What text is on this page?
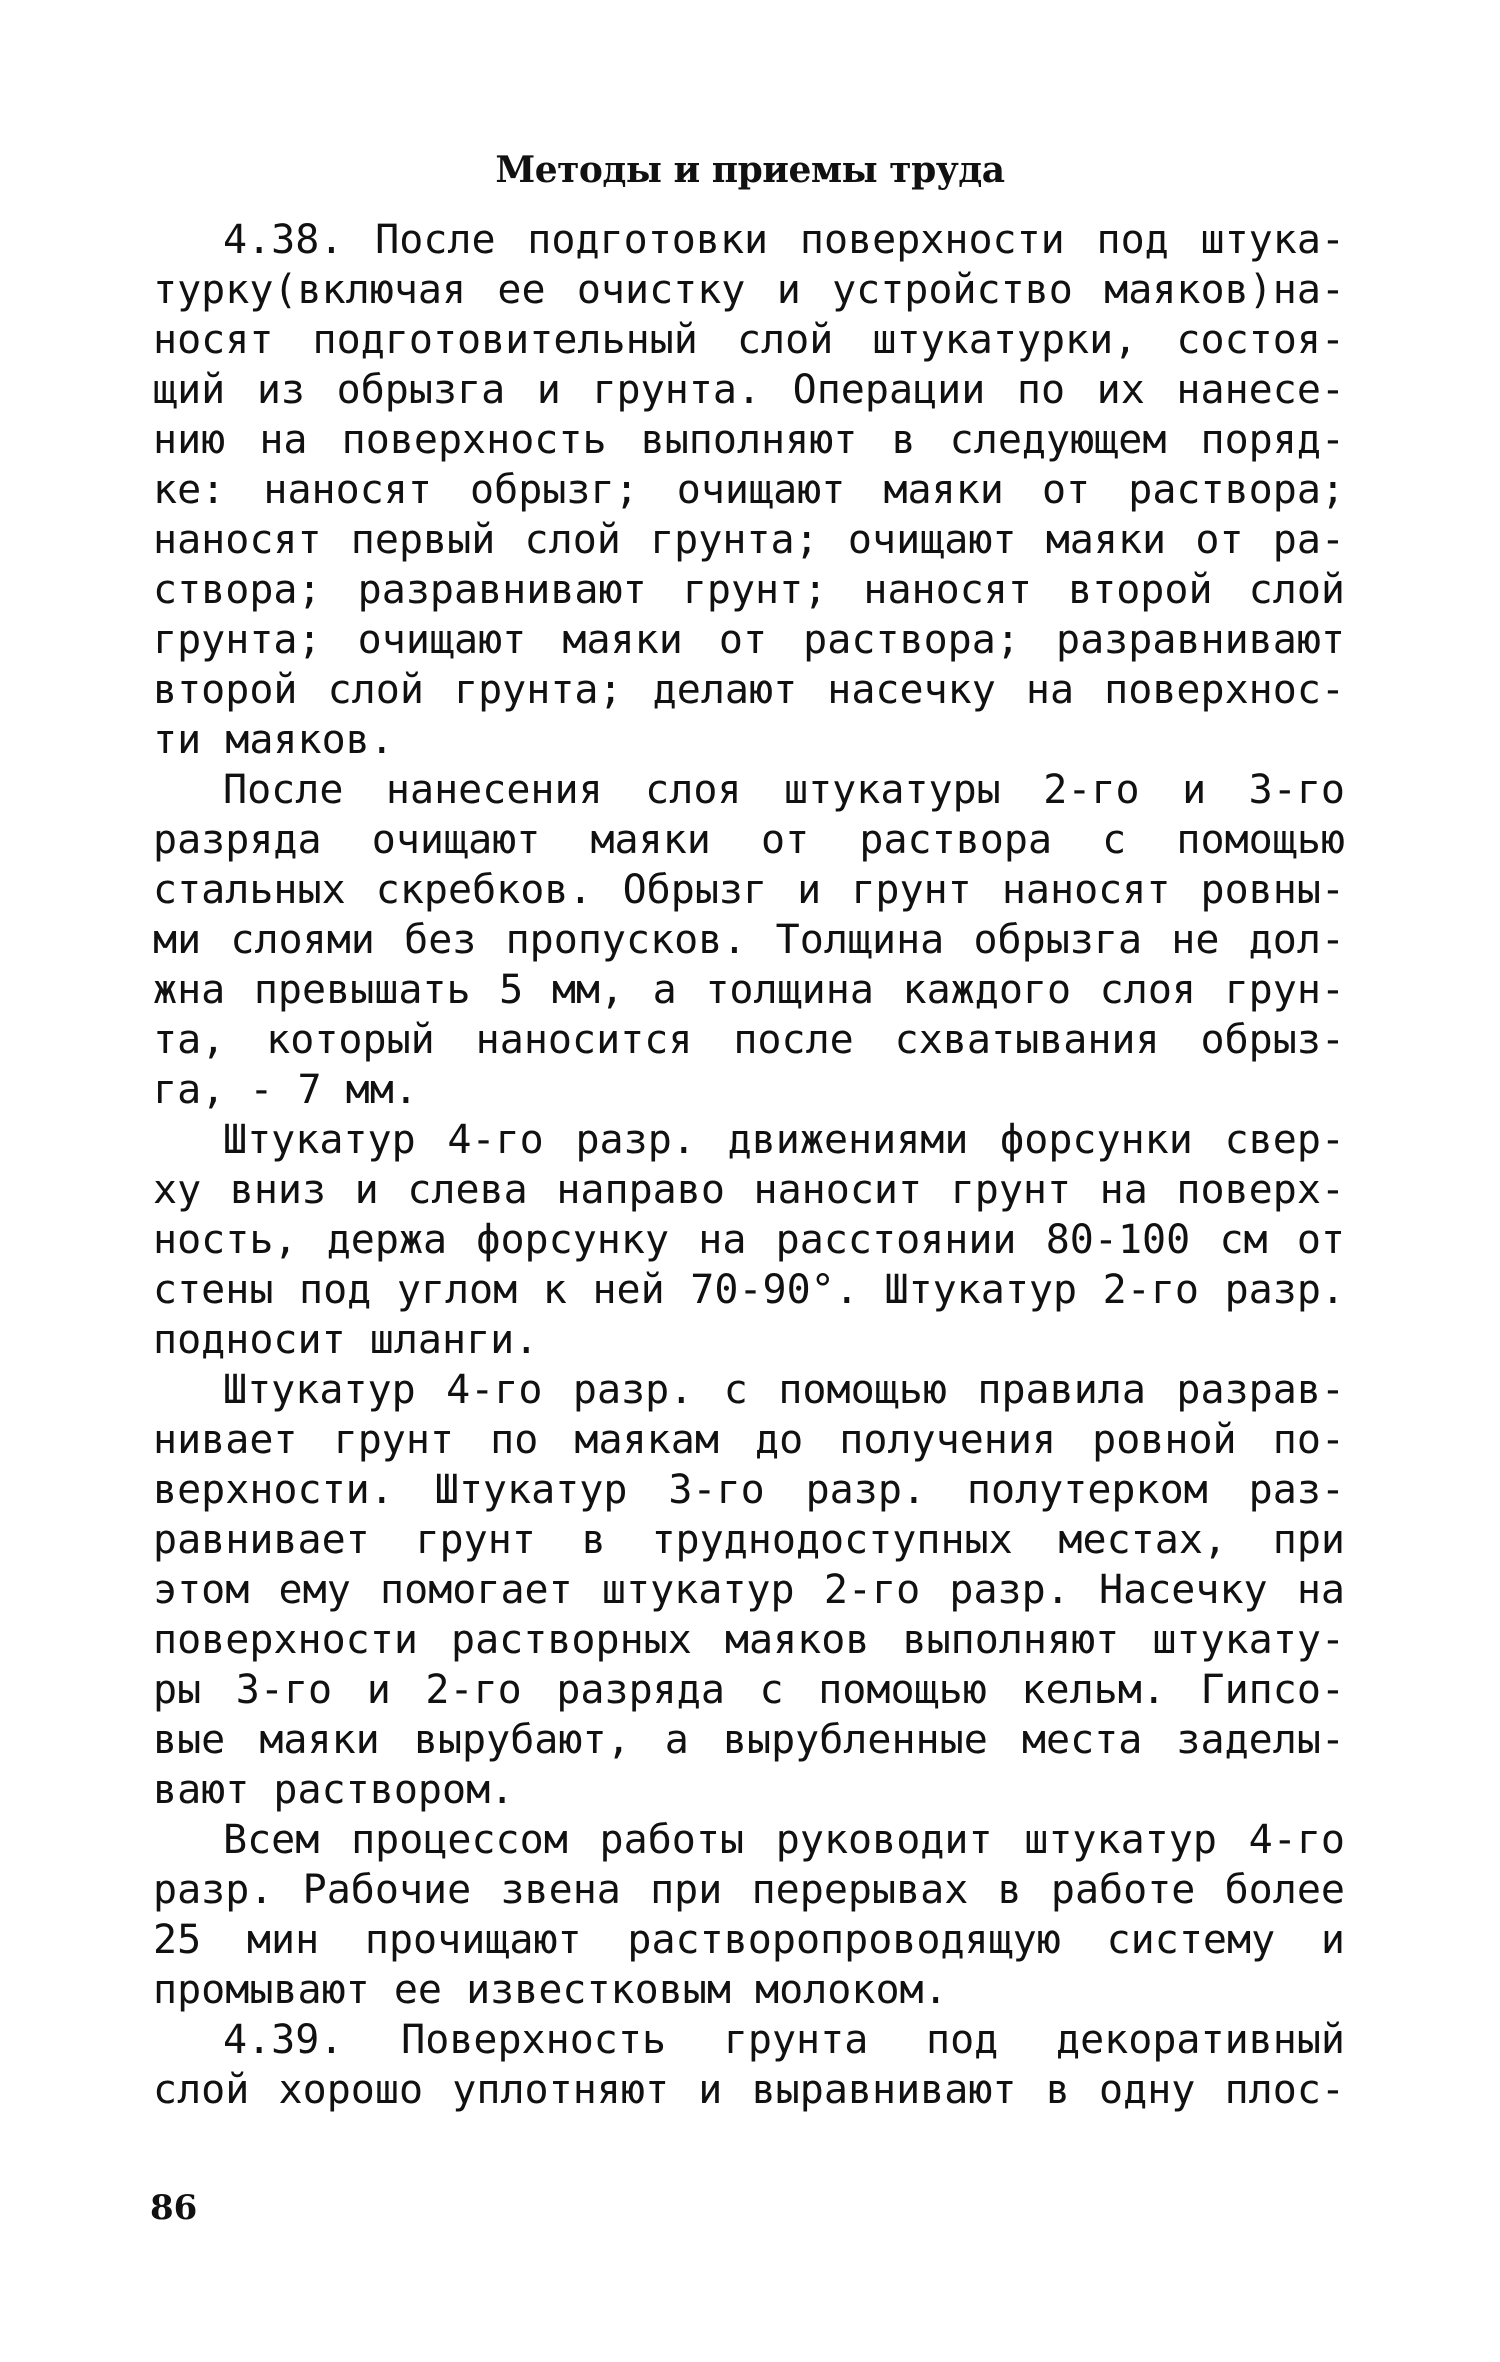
Методы и приемы труда
4.38. После подготовки поверхности под штука-
турку(включая ее очистку и устройство маяков)на-
носят подготовительный слой штукатурки, состоя-
щий из обрызга и грунта. Операции по их нанесе-
нию на поверхность выполняют в следующем поряд-
ке: наносят обрызг; очищают маяки от раствора;
наносят первый слой грунта; очищают маяки от ра-
створа; разравнивают грунт; наносят второй слой
грунта; очищают маяки от раствора; разравнивают
второй слой грунта; делают насечку на поверхнос-
ти маяков.
После нанесения слоя штукатуры 2-го и 3-го
разряда очищают маяки от раствора с помощью
стальных скребков. Обрызг и грунт наносят ровны-
ми слоями без пропусков. Толщина обрызга не дол-
жна превышать 5 мм, а толщина каждого слоя грун-
та, который наносится после схватывания обрыз-
га, - 7 мм.
Штукатур 4-го разр. движениями форсунки свер-
ху вниз и слева направо наносит грунт на поверх-
ность, держа форсунку на расстоянии 80-100 см от
стены под углом к ней 70-90°. Штукатур 2-го разр.
подносит шланги.
Штукатур 4-го разр. с помощью правила разрав-
нивает грунт по маякам до получения ровной по-
верхности. Штукатур 3-го разр. полутерком раз-
равнивает грунт в труднодоступных местах, при
этом ему помогает штукатур 2-го разр. Насечку на
поверхности растворных маяков выполняют штукату-
ры 3-го и 2-го разряда с помощью кельм. Гипсо-
вые маяки вырубают, а вырубленные места заделы-
вают раствором.
Всем процессом работы руководит штукатур 4-го
разр. Рабочие звена при перерывах в работе более
25 мин прочищают растворопроводящую систему и
промывают ее известковым молоком.
4.39. Поверхность грунта под декоративный
слой хорошо уплотняют и выравнивают в одну плос-
86
